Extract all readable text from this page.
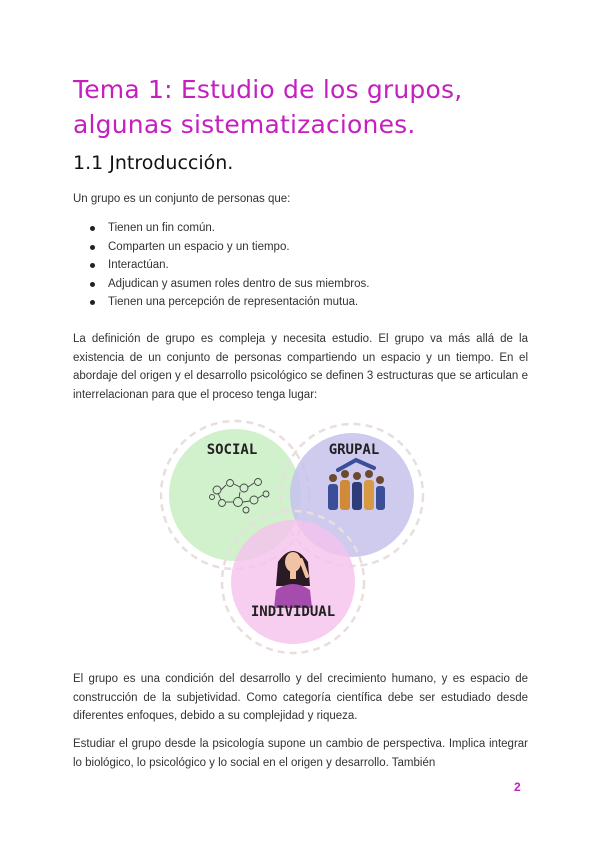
Tema 1: Estudio de los grupos, algunas sistematizaciones.
1.1 Jntroducción.

Un grupo es un conjunto de personas que:

Tienen un fin común.
Comparten un espacio y un tiempo.
Interactúan.
Adjudican y asumen roles dentro de sus miembros.
Tienen una percepción de representación mutua.

La definición de grupo es compleja y necesita estudio. El grupo va más allá de la existencia de un conjunto de personas compartiendo un espacio y un tiempo. En el abordaje del origen y el desarrollo psicológico se definen 3 estructuras que se articulan e interrelacionan para que el proceso tenga lugar:

SOCIAL	GRUPAL
INDIVIDUAL

El grupo es una condición del desarrollo y del crecimiento humano, y es espacio de construcción de la subjetividad. Como categoría científica debe ser estudiado desde diferentes enfoques, debido a su complejidad y riqueza.

Estudiar el grupo desde la psicología supone un cambio de perspectiva. Implica integrar lo biológico, lo psicológico y lo social en el origen y desarrollo. También

2
